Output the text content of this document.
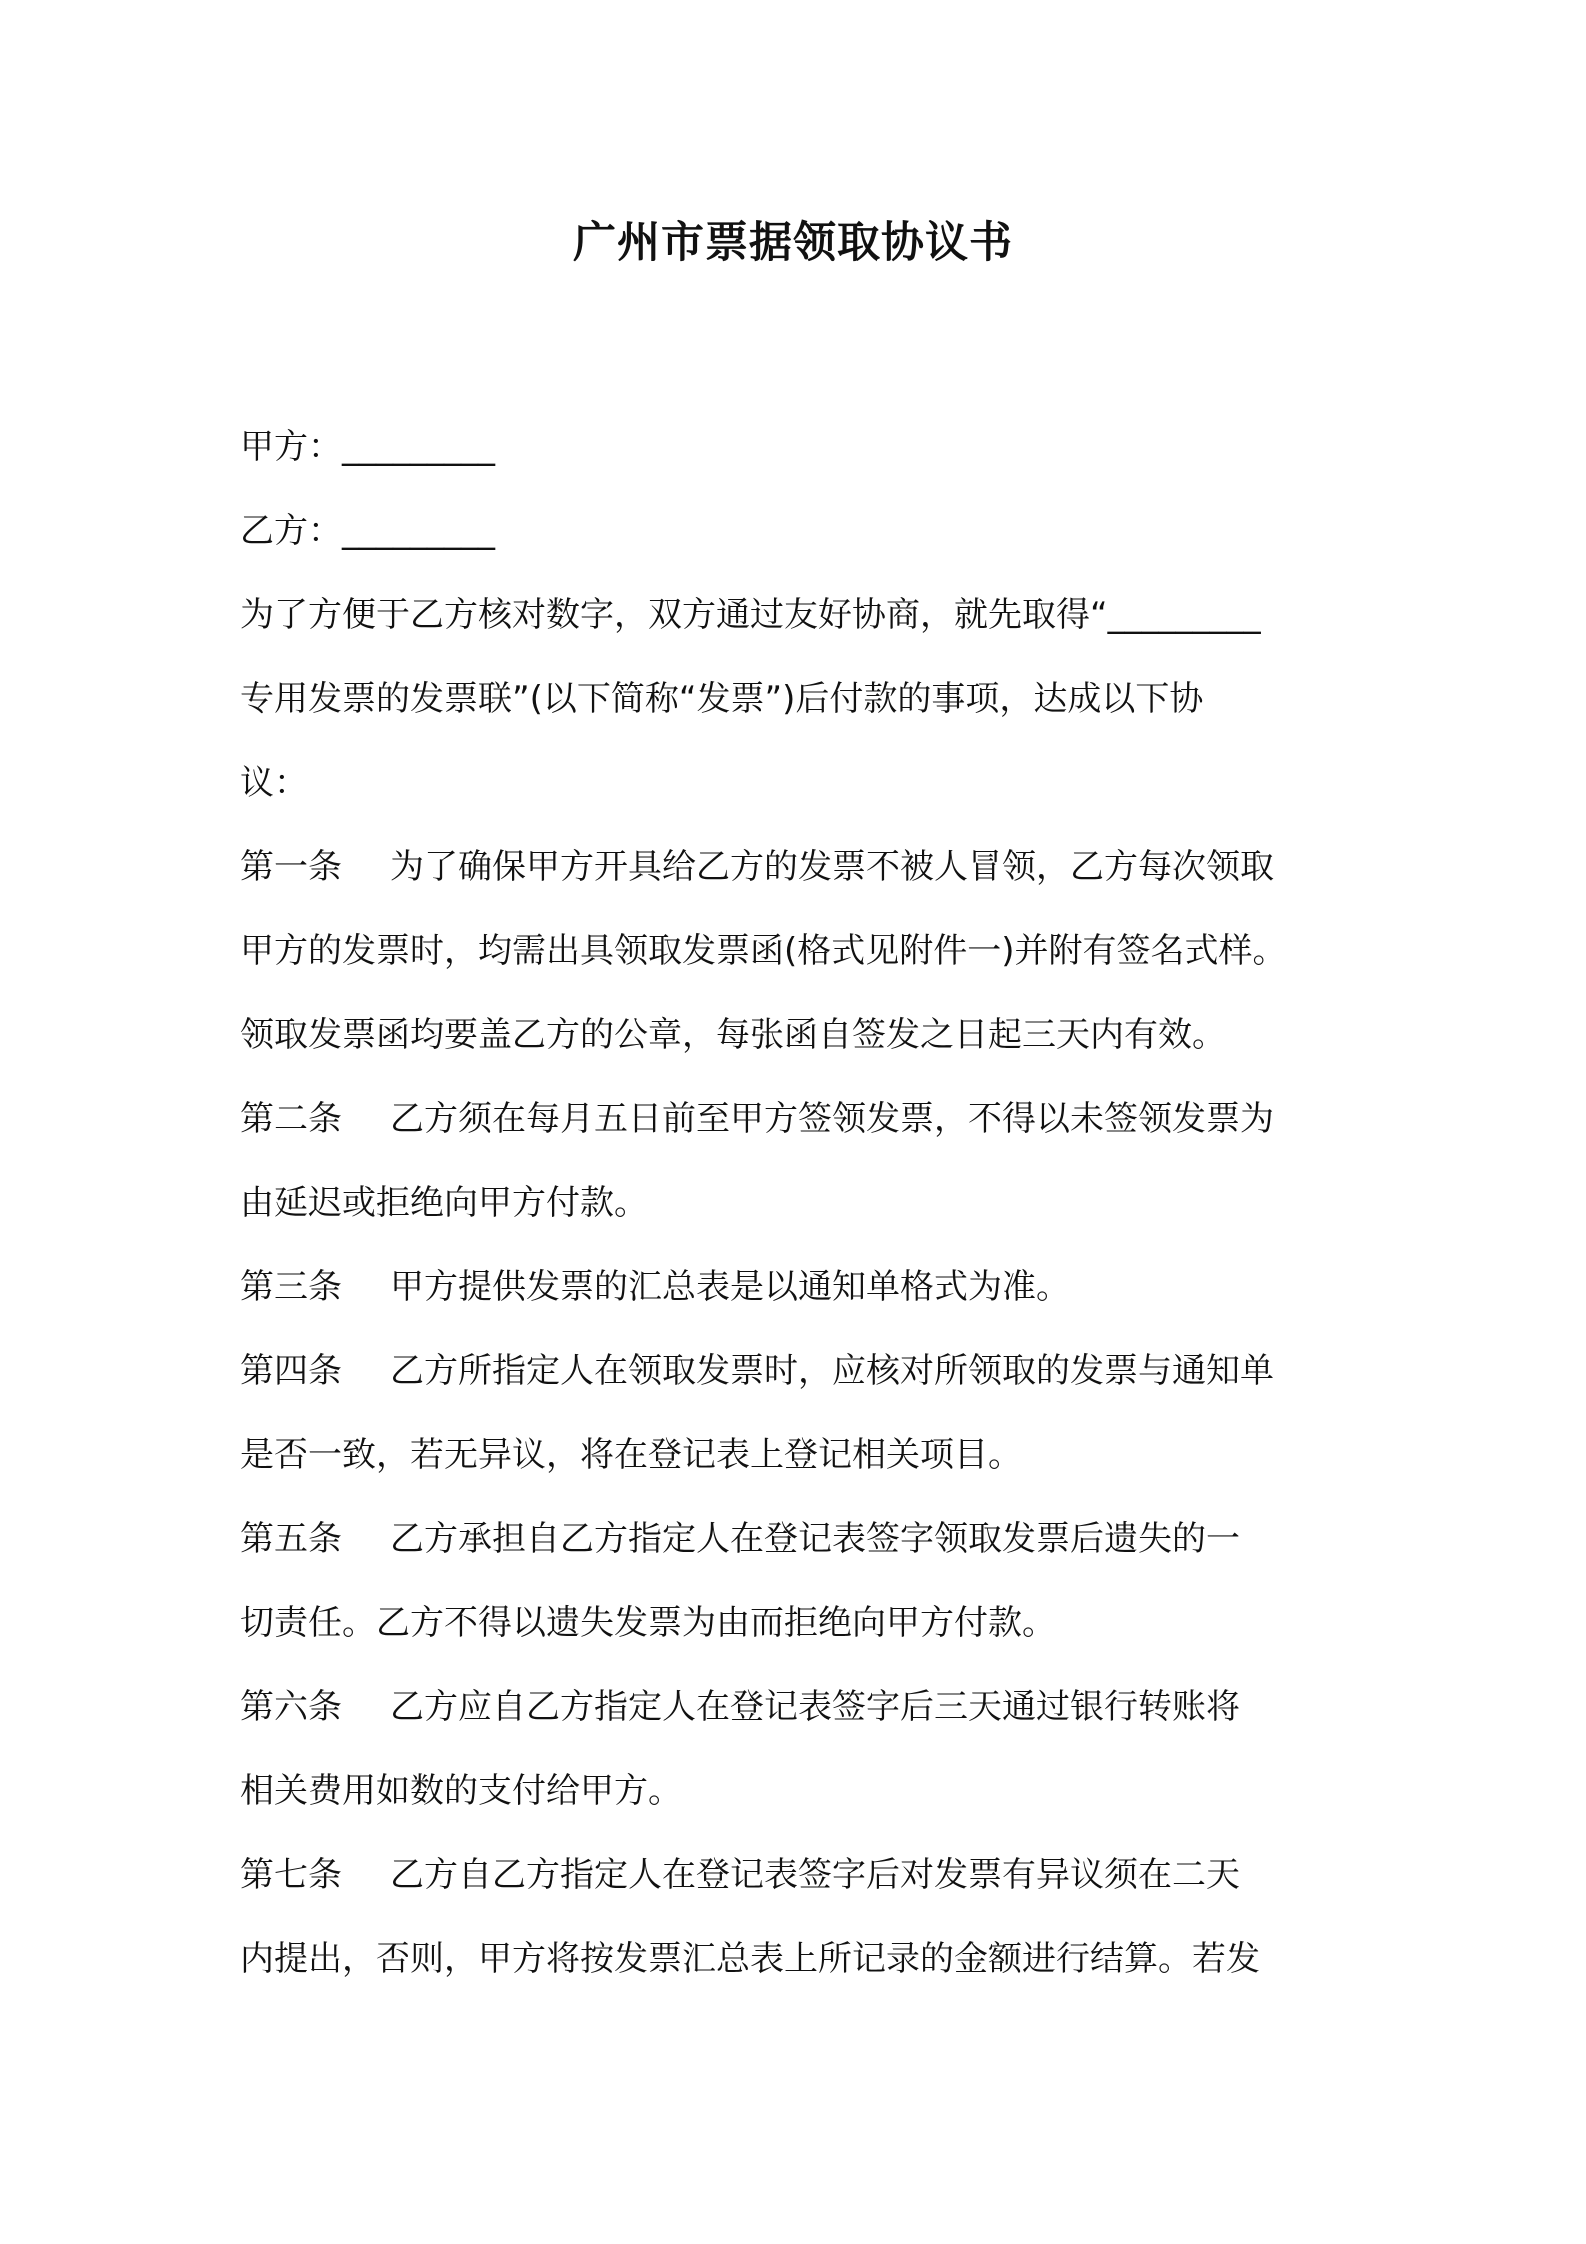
广州市票据领取协议书
甲方：_________
乙方：_________
为了方便于乙方核对数字，双方通过友好协商，就先取得“_________
专用发票的发票联”(以下简称“发票”)后付款的事项，达成以下协
议：
第一条 为了确保甲方开具给乙方的发票不被人冒领，乙方每次领取
甲方的发票时，均需出具领取发票函(格式见附件一)并附有签名式样。
领取发票函均要盖乙方的公章，每张函自签发之日起三天内有效。
第二条 乙方须在每月五日前至甲方签领发票，不得以未签领发票为
由延迟或拒绝向甲方付款。
第三条 甲方提供发票的汇总表是以通知单格式为准。
第四条 乙方所指定人在领取发票时，应核对所领取的发票与通知单
是否一致，若无异议，将在登记表上登记相关项目。
第五条 乙方承担自乙方指定人在登记表签字领取发票后遗失的一
切责任。乙方不得以遗失发票为由而拒绝向甲方付款。
第六条 乙方应自乙方指定人在登记表签字后三天通过银行转账将
相关费用如数的支付给甲方。
第七条 乙方自乙方指定人在登记表签字后对发票有异议须在二天
内提出，否则，甲方将按发票汇总表上所记录的金额进行结算。若发
